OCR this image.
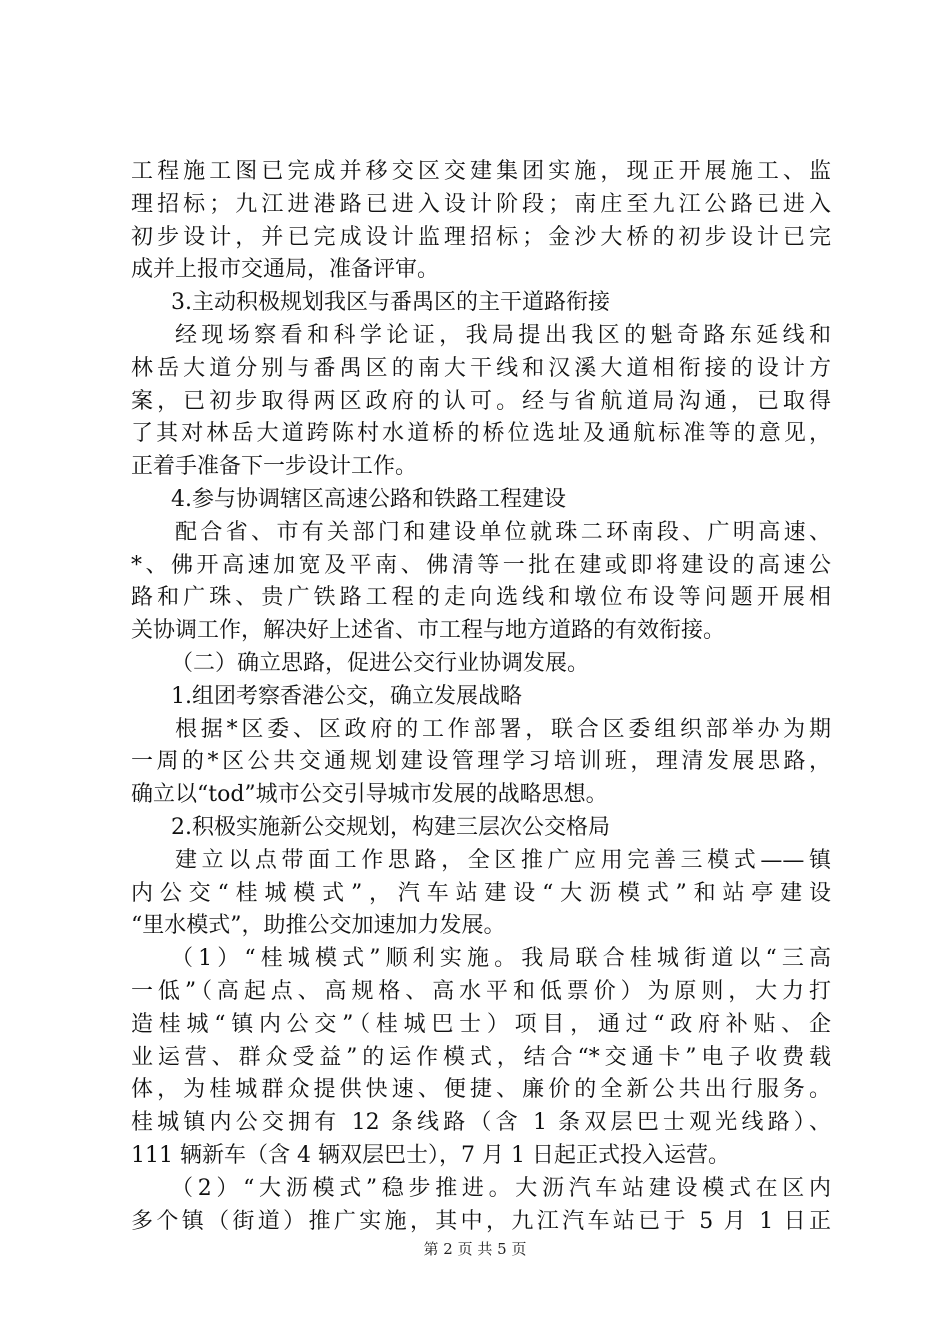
工程施工图已完成并移交区交建集团实施，现正开展施工、监
理招标；九江进港路已进入设计阶段；南庄至九江公路已进入
初步设计，并已完成设计监理招标；金沙大桥的初步设计已完
成并上报市交通局，准备评审。
3.主动积极规划我区与番禺区的主干道路衔接
经现场察看和科学论证，我局提出我区的魁奇路东延线和
林岳大道分别与番禺区的南大干线和汉溪大道相衔接的设计方
案，已初步取得两区政府的认可。经与省航道局沟通，已取得
了其对林岳大道跨陈村水道桥的桥位选址及通航标准等的意见，
正着手准备下一步设计工作。
4.参与协调辖区高速公路和铁路工程建设
配合省、市有关部门和建设单位就珠二环南段、广明高速、
*、佛开高速加宽及平南、佛清等一批在建或即将建设的高速公
路和广珠、贵广铁路工程的走向选线和墩位布设等问题开展相
关协调工作，解决好上述省、市工程与地方道路的有效衔接。
（二）确立思路，促进公交行业协调发展。
1.组团考察香港公交，确立发展战略
根据*区委、区政府的工作部署，联合区委组织部举办为期
一周的*区公共交通规划建设管理学习培训班，理清发展思路，
确立以“tod”城市公交引导城市发展的战略思想。
2.积极实施新公交规划，构建三层次公交格局
建立以点带面工作思路，全区推广应用完善三模式——镇
内公交“桂城模式”，汽车站建设“大沥模式”和站亭建设
“里水模式”，助推公交加速加力发展。
（1）“桂城模式”顺利实施。我局联合桂城街道以“三高
一低”（高起点、高规格、高水平和低票价）为原则，大力打
造桂城“镇内公交”（桂城巴士）项目，通过“政府补贴、企
业运营、群众受益”的运作模式，结合“*交通卡”电子收费载
体，为桂城群众提供快速、便捷、廉价的全新公共出行服务。
桂城镇内公交拥有 12 条线路（含 1 条双层巴士观光线路）、
111 辆新车（含 4 辆双层巴士），7 月 1 日起正式投入运营。
（2）“大沥模式”稳步推进。大沥汽车站建设模式在区内
多个镇（街道）推广实施，其中，九江汽车站已于 5 月 1 日正
第 2 页 共 5 页
